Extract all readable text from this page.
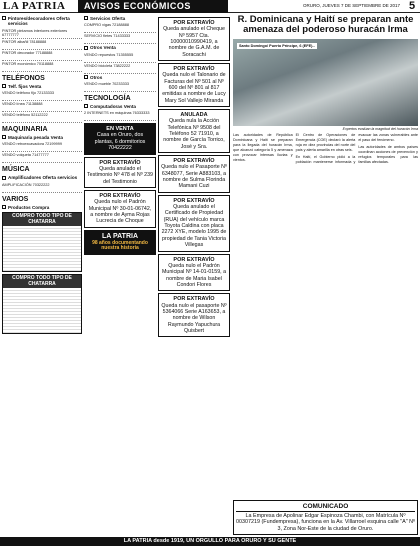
LA PATRIA	AVISOS ECONÓMICOS	ORURO, JUEVES 7 DE SEPTIEMBRE DE 2017 5
Pintores/decoradores Oferta servicios
PINTOR pintamos interiores exteriores 67777777
PINTOR albañil 78188888
PINTOR decorador 77188888
PINTOR económico 70118888
TELÉFONOS
Telf. fijos Venta
VENDO teléfono fijo 72133333
VENDO línea 71138888
VENDO teléfono 52112222
MAQUINARIA
Maquinaria pesada Venta
VENDO retroexcavadora 72199999
VENDO volqueta 71477777
MÚSICA
Amplificadores Oferta servicios
AMPLIFICACIÓN 70322222
VARIOS
Productos Compra
COMPRO TODO TIPO DE CHATARRA
COMPRO TODO TIPO DE CHATARRA
Servicios Oferta
COMPRO vigas 72188888
SERVICIO fletes 71433333
Otros Venta
VENDO repuestos 71355555
VENDO bicicleta 73822222
Otros
VENDO mueble 70233333
TECNOLOGÍA
Computadoras Venta
2 INTERNETS en máquinas 76333333
EN VENTA
Casa en Oruro, dos plantas, 6 dormitorios 70422222
POR EXTRAVÍO
Queda anulado el Testimonio Nº 478 el Nº 239 del Testimonio
POR EXTRAVÍO
Queda nulo el Padrón Municipal Nº 30-01-06742, a nombre de Ayma Rojas Lucrecia de Choque
LA PATRIA
98 años documentando nuestra historia
POR EXTRAVÍO
Queda anulado el Cheque Nº 5957 Cta. 10000010990419, a nombre de G.A.M. de Soracachi
POR EXTRAVÍO
Queda nulo el Talonario de Facturas del Nº 501 al Nº 600 del Nº 801 al 817 emitidas a nombre de Lucy Mary Sol Vallejo Miranda
ANULADA
Queda nula la Acción Telefónica Nº 9508 del Teléfono 52 71910, a nombre de García Torrico, José y Sra.
POR EXTRAVÍO
Queda nulo el Pasaporte Nº 6348077, Serie A883103, a nombre de Sulma Florinda Mamani Cuzi
POR EXTRAVÍO
Queda anulado el Certificado de Propiedad (RUA) del vehículo marca Toyota Caldina con placa 2272 XYE, modelo 1995 de propiedad de Tania Victoria Villegas
POR EXTRAVÍO
Queda nulo el Padrón Municipal Nº 14-01-0159, a nombre de Maria Isabel Condori Flores
POR EXTRAVÍO
Queda nulo el pasaporte Nº 5364066 Serie A163653, a nombre de Wilson Raymundo Yapuchura Quisbert
R. Dominicana y Haití se preparan ante amenaza del poderoso huracán Irma
Santo Domingo/ Puerto Príncipe, 6 (EFE).-
Expertos evalúan la magnitud del huracán Irma

Las autoridades de República Dominicana y Haití se preparan para la llegada del huracán Irma, que alcanzó categoría 5 y amenaza con provocar intensas lluvias y vientos.

El Centro de Operaciones de Emergencia (COE) declaró la alerta roja en diez provincias del norte del país y alerta amarilla en otras seis.

En Haití, el Gobierno pidió a la población mantenerse informada y evacuar las zonas vulnerables ante el paso del fenómeno.

Las autoridades de ambos países coordinan acciones de prevención y refugios temporales para las familias afectadas.

COMUNICADO
La Empresa de Apolinar Edgar Espinoza Chambi, con Matrícula Nº 00307219 (Fundempresa), funciona en la Av. Villarroel esquina calle "A" Nº 3, Zona Nor-Este de la ciudad de Oruro.
LA PATRIA desde 1919, UN ORGULLO PARA ORURO Y SU GENTE
